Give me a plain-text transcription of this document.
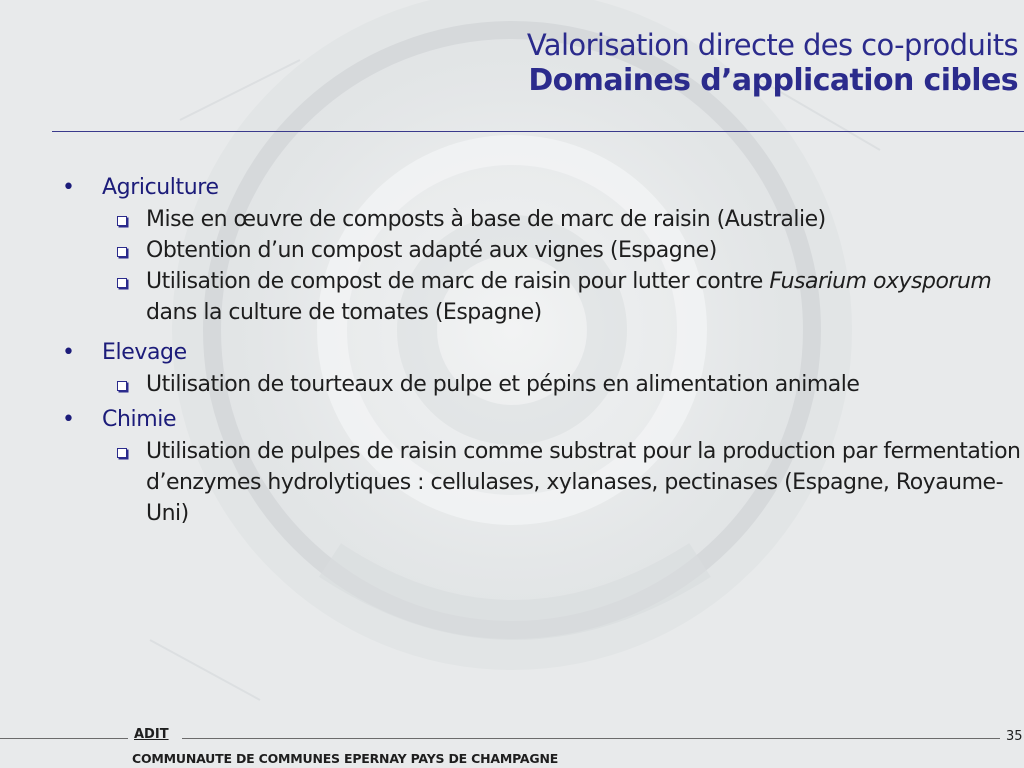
Valorisation directe des co-produits
Domaines d’application cibles
• Agriculture
Mise en œuvre de composts à base de marc de raisin (Australie)
Obtention d’un compost adapté aux vignes (Espagne)
Utilisation de compost de marc de raisin pour lutter contre Fusarium oxysporum dans la culture de tomates (Espagne)
• Elevage
Utilisation de tourteaux de pulpe et pépins en alimentation animale
• Chimie
Utilisation de pulpes de raisin comme substrat pour la production par fermentation d’enzymes hydrolytiques : cellulases, xylanases, pectinases (Espagne, Royaume-Uni)
ADIT	35
COMMUNAUTE DE COMMUNES EPERNAY PAYS DE CHAMPAGNE
